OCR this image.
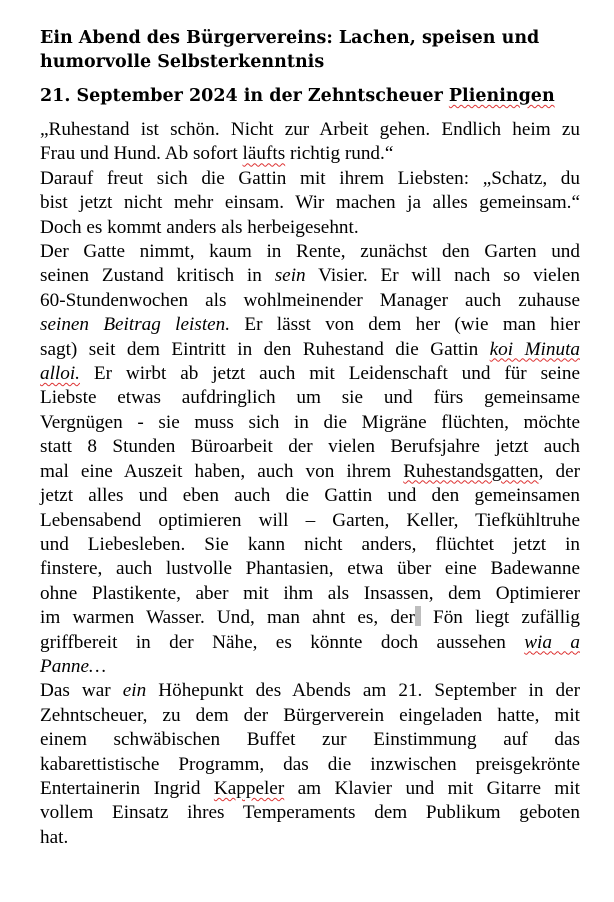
Ein Abend des Bürgervereins: Lachen, speisen und
humorvolle Selbsterkenntnis
21. September 2024 in der Zehntscheuer Plieningen
„Ruhestand ist schön. Nicht zur Arbeit gehen. Endlich heim zu
Frau und Hund. Ab sofort läufts richtig rund.“
Darauf freut sich die Gattin mit ihrem Liebsten: „Schatz, du
bist jetzt nicht mehr einsam. Wir machen ja alles gemeinsam.“
Doch es kommt anders als herbeigesehnt.
Der Gatte nimmt, kaum in Rente, zunächst den Garten und
seinen Zustand kritisch in sein Visier. Er will nach so vielen
60-Stundenwochen als wohlmeinender Manager auch zuhause
seinen Beitrag leisten. Er lässt von dem her (wie man hier
sagt) seit dem Eintritt in den Ruhestand die Gattin koi Minuta
alloi. Er wirbt ab jetzt auch mit Leidenschaft und für seine
Liebste etwas aufdringlich um sie und fürs gemeinsame
Vergnügen - sie muss sich in die Migräne flüchten, möchte
statt 8 Stunden Büroarbeit der vielen Berufsjahre jetzt auch
mal eine Auszeit haben, auch von ihrem Ruhestandsgatten, der
jetzt alles und eben auch die Gattin und den gemeinsamen
Lebensabend optimieren will – Garten, Keller, Tiefkühltruhe
und Liebesleben. Sie kann nicht anders, flüchtet jetzt in
finstere, auch lustvolle Phantasien, etwa über eine Badewanne
ohne Plastikente, aber mit ihm als Insassen, dem Optimierer
im warmen Wasser. Und, man ahnt es, der Fön liegt zufällig
griffbereit in der Nähe, es könnte doch aussehen wia a
Panne…
Das war ein Höhepunkt des Abends am 21. September in der
Zehntscheuer, zu dem der Bürgerverein eingeladen hatte, mit
einem schwäbischen Buffet zur Einstimmung auf das
kabarettistische Programm, das die inzwischen preisgekrönte
Entertainerin Ingrid Kappeler am Klavier und mit Gitarre mit
vollem Einsatz ihres Temperaments dem Publikum geboten
hat.
